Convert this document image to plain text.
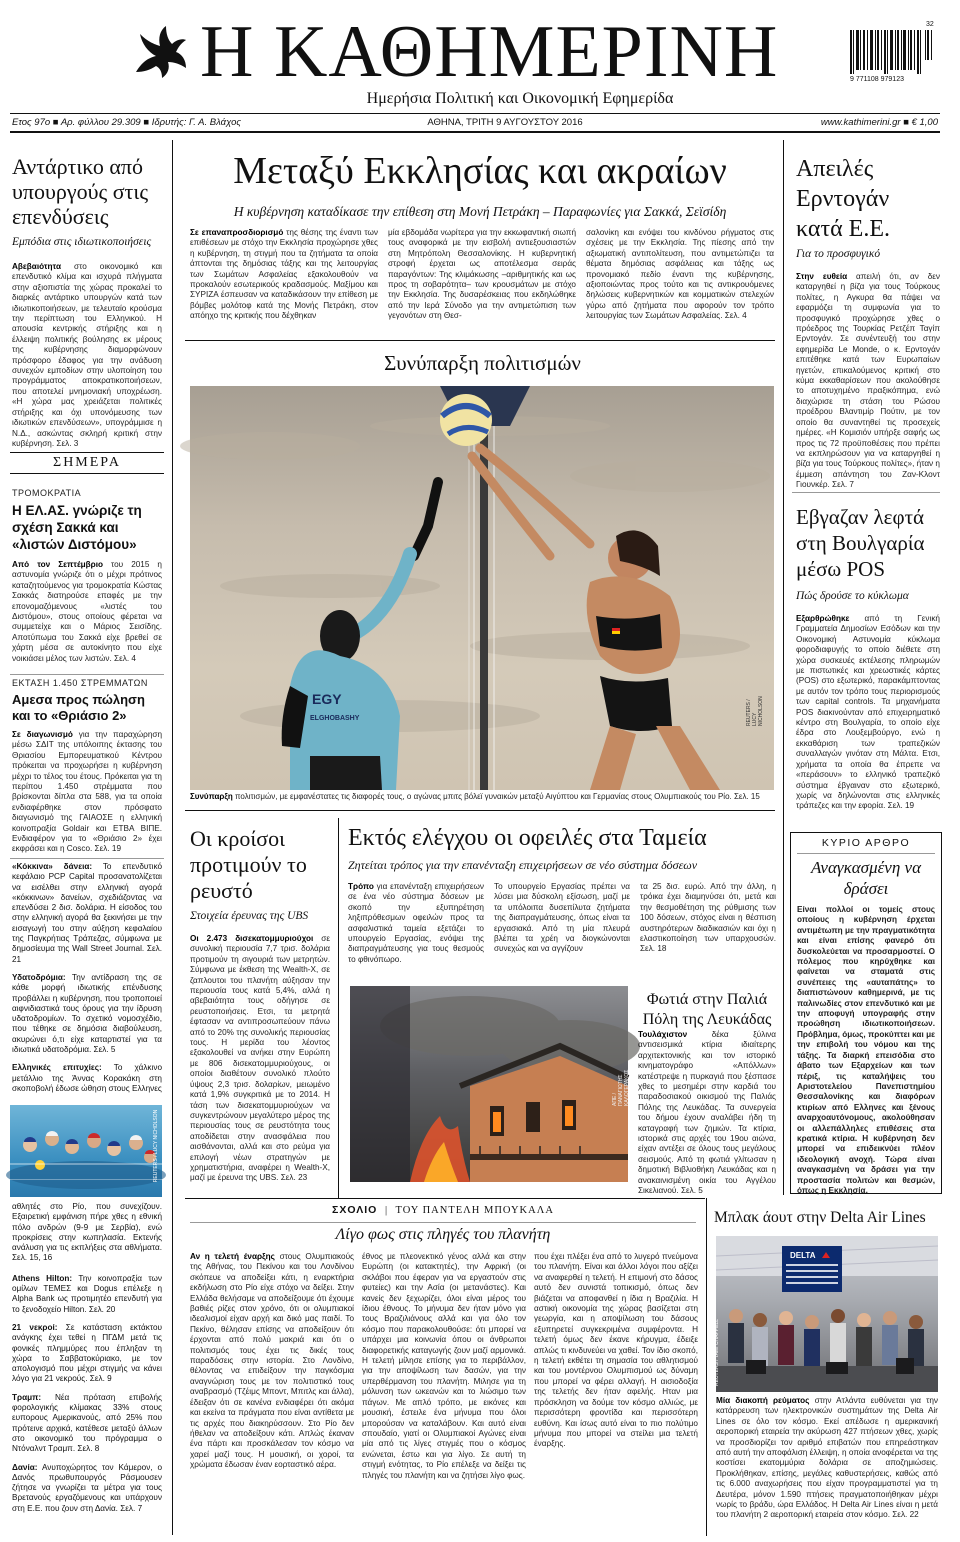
Η ΚΑΘΗΜΕΡΙΝΗ
Ημερήσια Πολιτική και Οικονομική Εφημερίδα
9 771108 979123
32
Ετος 97ο ■ Αρ. φύλλου 29.309 ■ Ιδρυτής: Γ. Α. Βλάχος	ΑΘΗΝΑ, ΤΡΙΤΗ 9 ΑΥΓΟΥΣΤΟΥ 2016	www.kathimerini.gr ■ € 1,00
Αντάρτικο από υπουργούς στις επενδύσεις
Εμπόδια στις ιδιωτικοποιήσεις
Αβεβαιότητα στο οικονομικό και επενδυτικό κλίμα και ισχυρά πλήγματα στην αξιοπιστία της χώρας προκαλεί το διαρκές αντάρτικο υπουργών κατά των ιδιωτικοποιήσεων, με τελευταίο κρούσμα την περίπτωση του Ελληνικού. Η απουσία κεντρικής στήριξης και η έλλειψη πολιτικής βούλησης εκ μέρους της κυβέρνησης διαμορφώνουν πρόσφορο έδαφος για την ανάδυση συνεχών εμποδίων στην υλοποίηση του προγράμματος αποκρατικοποιήσεων, που αποτελεί μνημονιακή υποχρέωση. «Η χώρα μας χρειάζεται πολιτικές στήριξης και όχι υπονόμευσης των ιδιωτικών επενδύσεων», υπογράμμισε η Ν.Δ., ασκώντας σκληρή κριτική στην κυβέρνηση. Σελ. 3
ΣΗΜΕΡΑ
ΤΡΟΜΟΚΡΑΤΙΑ
Η ΕΛ.ΑΣ. γνώριζε τη σχέση Σακκά και «λιστών Διστόμου»
Από τον Σεπτέμβριο του 2015 η αστυνομία γνώριζε ότι ο μέχρι πρότινος καταζητούμενος για τρομοκρατία Κώστας Σακκάς διατηρούσε επαφές με την επονομαζόμενους «λιστές του Διστόμου», στους οποίους φέρεται να συμμετείχε και ο Μάριος Σεισίδης. Αποτύπωμα του Σακκά είχε βρεθεί σε χάρτη μέσα σε αυτοκίνητο που είχε νοικιάσει μέλος των λιστών. Σελ. 4
ΕΚΤΑΣΗ 1.450 ΣΤΡΕΜΜΑΤΩΝ
Αμεσα προς πώληση και το «Θριάσιο 2»
Σε διαγωνισμό για την παραχώρηση μέσω ΣΔΙΤ της υπόλοιπης έκτασης του Θριασίου Εμπορευματικού Κέντρου πρόκειται να προχωρήσει η κυβέρνηση μέχρι το τέλος του έτους. Πρόκειται για τη περίπου 1.450 στρέμματα που βρίσκονται δίπλα στα 588, για τα οποία ενδιαφέρθηκε στον πρόσφατο διαγωνισμό της ΓΑΙΑΟΣΕ η ελληνική κοινοπραξία Goldair και ΕΤΒΑ ΒΙΠΕ. Ενδιαφέρον για το «Θριάσιο 2» έχει εκφράσει και η Cosco. Σελ. 19

«Κόκκινα» δάνεια: Το επενδυτικό κεφάλαιο PCP Capital προσανατολίζεται να εισέλθει στην ελληνική αγορά «κόκκινων» δανείων, σχεδιάζοντας να επενδύσει 2 δισ. δολάρια. Η είσοδος του στην ελληνική αγορά θα ξεκινήσει με την εισαγωγή του στην αύξηση κεφαλαίου της Παγκρήτιας Τράπεζας, σύμφωνα με δημοσίευμα της Wall Street Journal. Σελ. 21

Υδατοδρόμια: Την αντίδραση της σε κάθε μορφή ιδιωτικής επένδυσης προβάλλει η κυβέρνηση, που τροποποιεί αιφνιδιαστικά τους όρους για την ίδρυση υδατοδρομίων. Το σχετικό νομοσχέδιο, που τέθηκε σε δημόσια διαβούλευση, ακυρώνει ό,τι είχε καταρτιστεί για τα ιδιωτικά υδατοδρόμια. Σελ. 5

Ελληνικές επιτυχίες: Το χάλκινο μετάλλιο της Άννας Κορακάκη στη σκοποβολή έδωσε ώθηση στους Ελληνες

REUTERS / LUCY NICHOLSON

αθλητές στο Ρίο, που συνεχίζουν. Εξαιρετική εμφάνιση πήρε χθες η εθνική πόλο ανδρών (9-9 με Σερβία), ενώ προκρίσεις στην κωπηλασία. Εκτενής ανάλυση για τις εκπλήξεις στα αθλήματα. Σελ. 15, 16

Athens Hilton: Την κοινοπραξία των ομίλων ΤΕΜΕΣ και Dogus επέλεξε η Alpha Bank ως προτιμητέο επενδυτή για το ξενοδοχείο Hilton. Σελ. 20

21 νεκροί: Σε κατάσταση εκτάκτου ανάγκης έχει τεθεί η ΠΓΔΜ μετά τις φονικές πλημμύρες που έπληξαν τη χώρα το Σαββατοκύριακο, με τον απολογισμό που μέχρι στιγμής να κάνει λόγο για 21 νεκρούς. Σελ. 9

Τραμπ: Νέα πρόταση επιβολής φορολογικής κλίμακας 33% στους ευπορους Αμερικανούς, από 25% που πρότεινε αρχικά, κατέθεσε μεταξύ άλλων στο οικονομικό του πρόγραμμα ο Ντόναλντ Τραμπ. Σελ. 8

Δανία: Ανυποχώρητος τον Κάμερον, ο Δανός πρωθυπουργός Ράσμουσεν ζήτησε να γνωρίζει τα μέτρα για τους Βρετανούς εργαζόμενους και υπάρχουν στη Ε.Ε. που ζουν στη Δανία. Σελ. 7

Μεταξύ Εκκλησίας και ακραίων
Η κυβέρνηση καταδίκασε την επίθεση στη Μονή Πετράκη – Παραφωνίες για Σακκά, Σεϊσίδη
Σε επαναπροσδιορισμό της θέσης της έναντι των επιθέσεων με στόχο την Εκκλησία προχώρησε χθες η κυβέρνηση, τη στιγμή που τα ζητήματα τα οποία άπτονται της δημόσιας τάξης και της λειτουργίας των Σωμάτων Ασφαλείας εξακολουθούν να προκαλούν εσωτερικούς κραδασμούς. Μαξίμου και ΣΥΡΙΖΑ έσπευσαν να καταδικάσουν την επίθεση με βόμβες μολότοφ κατά της Μονής Πετράκη, στον απόηχο της κριτικής που δέχθηκαν
μία εβδομάδα νωρίτερα για την εκκωφαντική σιωπή τους αναφορικά με την εισβολή αντιεξουσιαστών στη Μητρόπολη Θεσσαλονίκης. Η κυβερνητική στροφή έρχεται ως αποτέλεσμα σειράς παραγόντων: Της κλιμάκωσης –αριθμητικής και ως προς τη σοβαρότητα– των κρουσμάτων με στόχο την Εκκλησία. Της δυσαρέσκειας που εκδηλώθηκε από την Ιερά Σύνοδο για την αντιμετώπιση των γεγονότων στη Θεσ-
σαλονίκη και ενόψει του κινδύνου ρήγματος στις σχέσεις με την Εκκλησία. Της πίεσης από την αξιωματική αντιπολίτευση, που αντιμετώπιζει τα θέματα δημόσιας ασφάλειας και τάξης ως προνομιακό πεδίο έναντι της κυβέρνησης, αξιοποιώντας προς τούτο και τις αντικρουόμενες δηλώσεις κυβερνητικών και κομματικών στελεχών γύρω από ζητήματα που αφορούν τον τρόπο λειτουργίας των Σωμάτων Ασφαλείας. Σελ. 4
Συνύπαρξη πολιτισμών
EGY
ELGHOBASHY	REUTERS / LUCY NICHOLSON
Συνύπαρξη πολιτισμών, με εμφανέστατες τις διαφορές τους, ο αγώνας μπιτς βόλεϊ γυναικών μεταξύ Αιγύπτου και Γερμανίας στους Ολυμπιακούς του Ρίο. Σελ. 15
Οι κροίσοι προτιμούν το ρευστό
Στοιχεία έρευνας της UBS
Οι 2.473 δισεκατομμυριούχοι σε συνολική περιουσία 7,7 τρισ. δολάρια προτιμούν τη σιγουριά των μετρητών. Σύμφωνα με έκθεση της Wealth-X, σε ζαπλουτοι του πλανήτη αύξησαν την περιουσία τους κατά 5,4%, αλλά η αβεβαιότητα τους οδήγησε σε ρευστοποιήσεις. Ετσι, τα μετρητά έφτασαν να αντιπροσωπεύουν πάνω από το 20% της συνολικής περιουσίας τους. Η μερίδα του λέοντος εξακολουθεί να ανήκει στην Ευρώπη με 806 δισεκατομμυριούχους, οι οποίοι διαθέτουν συνολικό πλούτο ύψους 2,3 τρισ. δολαρίων, μειωμένο κατά 1,9% συγκριτικά με το 2014. Η τάση των δισεκατομμυριούχων να συγκεντρώνουν μεγαλύτερο μέρος της περιουσίας τους σε ρευστότητα τους αποδίδεται στην ανασφάλεια που αισθάνονται, αλλά και στο ρεύμα για επιλογή νέων στρατηγών με χρηματιστήρια, αναφέρει η Wealth-X, μαζί με έρευνα της UBS. Σελ. 23
Εκτός ελέγχου οι οφειλές στα Ταμεία
Ζητείται τρόπος για την επανένταξη επιχειρήσεων σε νέο σύστημα δόσεων
Τρόπο για επανένταξη επιχειρήσεων σε ένα νέο σύστημα δόσεων με σκοπό την εξυπηρέτηση ληξιπρόθεσμων οφειλών προς τα ασφαλιστικά ταμεία εξετάζει το υπουργείο Εργασίας, ενόψει της διαπραγμάτευσης για τους θεσμούς το φθινόπωρο.
Το υπουργείο Εργασίας πρέπει να λύσει μια δύσκολη εξίσωση, μαζί με τα υπόλοιπα δυσεπίλυτα ζητήματα της διαπραγμάτευσης, όπως είναι τα εργασιακά. Από τη μία πλευρά βλέπει τα χρέη να διογκώνονται συνεχώς και να αγγίζουν
τα 25 δισ. ευρώ. Από την άλλη, η τρόικα έχει διαμηνύσει ότι, μετά και την θεσμοθέτηση της ρύθμισης των 100 δόσεων, στόχος είναι η θέσπιση αυστηρότερων διαδικασιών και όχι η ελαστικοποίηση των υπαρχουσών. Σελ. 18
ΑΠΕ / ΠΑΝΑΓΙΩΤΗΣ ΚΑΛΟΓΕΡΑΚΟΣ
Φωτιά στην Παλιά Πόλη της Λευκάδας
Τουλάχιστον δέκα ξύλινα αντισεισμικά κτίρια ιδιαίτερης αρχιτεκτονικής και τον ιστορικό κινηματογράφο «Απόλλων» κατέστρεψε η πυρκαγιά που ξέσπασε χθες το μεσημέρι στην καρδιά του παραδοσιακού οικισμού της Παλιάς Πόλης της Λευκάδας. Τα συνεργεία του δήμου έχουν αναλάβει ήδη τη καταγραφή των ζημιών. Τα κτίρια, ιστορικά στις αρχές του 19ου αιώνα, είχαν αντέξει σε όλους τους μεγάλους σεισμούς. Από τη φωτιά γλίτωσαν η δημοτική Βιβλιοθήκη Λευκάδας και η ανακαινισμένη οικία του Αγγέλου Σικελιανού. Σελ. 5
ΣΧΟΛΙΟ | ΤΟΥ ΠΑΝΤΕΛΗ ΜΠΟΥΚΑΛΑ
Λίγο φως στις πληγές του πλανήτη
Αν η τελετή έναρξης στους Ολυμπιακούς της Αθήνας, του Πεκίνου και του Λονδίνου σκόπευε να αποδείξει κάτι, η εναρκτήρια εκδήλωση στο Ρίο είχε στόχο να δείξει. Στην Ελλάδα θελήσαμε να αποδείξουμε ότι έχουμε βαθιές ρίζες στον χρόνο, ότι οι ολυμπιακοί ιδεαλισμοί είχαν αρχή και δικό μας παιδί. Το Πεκίνο, θέλησαν επίσης να αποδείξουν ότι έρχονται από πολύ μακριά και ότι ο πολιτισμός τους έχει τις δικές τους παραδόσεις στην ιστορία. Στο Λονδίνο, θέλοντας να επιδείξουν την παγκόσμια αναγνώριση τους με τον πολιτιστικό τους αναβρασμό (Τζέιμς Μποντ, Μπιτλς και άλλα), έδειξαν ότι σε κανένα ενδιαφέρει ότι ακόμα και εκείνα τα πράγματα που είναι αντίθετα με τις αρχές που διακηρύσσουν. Στο Ρίο δεν ήθελαν να αποδείξουν κάτι. Απλώς έκαναν ένα πάρτι και προσκάλεσαν τον κόσμο να χαρεί μαζί τους. Η μουσική, οι χοροί, τα χρώματα έδωσαν έναν εορταστικό αέρα.
έθνος με πλεονεκτικό γένος αλλά και στην Ευρώπη (οι κατακτητές), την Αφρική (οι σκλάβοι που έφεραν για να εργαστούν στις φυτείες) και την Ασία (οι μετανάστες). Και κανείς δεν ξεχωρίζει, όλοι είναι μέρος του ίδιου έθνους. Το μήνυμα δεν ήταν μόνο για τους Βραζιλιάνους αλλά και για όλο τον κόσμο που παρακολουθούσε: ότι μπορεί να υπάρχει μια κοινωνία όπου οι άνθρωποι διαφορετικής καταγωγής ζουν μαζί αρμονικά. Η τελετή μίλησε επίσης για το περιβάλλον, για την αποψίλωση των δασών, για την υπερθέρμανση του πλανήτη. Μιλησε για τη μόλυνση των ωκεανών και το λιώσιμο των πάγων. Με απλό τρόπο, με εικόνες και μουσική, έστειλε ένα μήνυμα που όλοι μπορούσαν να καταλάβουν. Και αυτό είναι σπουδαίο, γιατί οι Ολυμπιακοί Αγώνες είναι μία από τις λίγες στιγμές που ο κόσμος ενώνεται, έστω και για λίγο. Σε αυτή τη στιγμή ενότητας, το Ρίο επέλεξε να δείξει τις πληγές του πλανήτη και να ζητήσει λίγο φως.
που έχει πλέξει ένα από το λυγερό πνεύμονα του πλανήτη. Είναι και άλλοι λόγοι που αξίζει να αναφερθεί η τελετή. Η επιμονή στο δάσος αυτό δεν συνιστά τοπικισμό, όπως δεν βιάζεται να αποφανθεί η ίδια η Βραζιλία. Η αστική οικονομία της χώρας βασίζεται στη γεωργία, και η αποψίλωση του δάσους εξυπηρετεί συγκεκριμένα συμφέροντα. Η τελετή όμως δεν έκανε κήρυγμα, έδειξε απλώς τι κινδυνεύει να χαθεί. Τον ίδιο σκοπό, η τελετή εκθέτει τη σημασία του αθλητισμού και του μοντέρνου Ολυμπισμού ως δύναμη που μπορεί να φέρει αλλαγή. Η αισιοδοξία της τελετής δεν ήταν αφελής. Ηταν μια πρόσκληση να δούμε τον κόσμο αλλιώς, με περισσότερη φροντίδα και περισσότερη ευθύνη. Και ίσως αυτό είναι το πιο πολύτιμο μήνυμα που μπορεί να στείλει μια τελετή έναρξης.
Απειλές Ερντογάν κατά Ε.Ε.
Για το προσφυγικό
Στην ευθεία απειλή ότι, αν δεν καταργηθεί η βίζα για τους Τούρκους πολίτες, η Αγκυρα θα πάψει να εφαρμόζει τη συμφωνία για το προσφυγικό προχώρησε χθες ο πρόεδρος της Τουρκίας Ρετζέπ Ταγίπ Ερντογάν. Σε συνέντευξή του στην εφημερίδα Le Monde, ο κ. Ερντογάν επιτέθηκε κατά των Ευρωπαίων ηγετών, επικαλούμενος κριτική στο κύμα εκκαθαρίσεων που ακολούθησε το αποτυχημένο πραξικόπημα, ενώ διαχώρισε τη στάση του Ρώσου προέδρου Βλαντιμίρ Πούτιν, με τον οποίο θα συναντηθεί τις προσεχείς ημέρες. «Η Κομισιόν υπήρξε σαφής ως προς τις 72 προϋποθέσεις που πρέπει να εκπληρώσουν για να καταργηθεί η βίζα για τους Τούρκους πολίτες», ήταν η έμμεση απάντηση του Ζαν-Κλοντ Γιουνκέρ. Σελ. 7
Εβγαζαν λεφτά στη Βουλγαρία μέσω POS
Πώς δρούσε το κύκλωμα
Εξαρθρώθηκε από τη Γενική Γραμματεία Δημοσίων Εσόδων και την Οικονομική Αστυνομία κύκλωμα φοροδιαφυγής το οποίο διέθετε στη χώρα συσκευές εκτέλεσης πληρωμών με πιστωτικές και χρεωστικές κάρτες (POS) στο εξωτερικό, παρακάμπτοντας με αυτόν τον τρόπο τους περιορισμούς των capital controls. Τα μηχανήματα POS διακινούνταν από επιχειρηματικό κέντρο στη Βουλγαρία, το οποίο είχε έδρα στο Λουξεμβούργο, ενώ η εκκαθάριση των τραπεζικών συναλλαγών γινόταν στη Μάλτα. Ετσι, χρήματα τα οποία θα έπρεπε να «περάσουν» το ελληνικό τραπεζικό σύστημα έβγαιναν στο εξωτερικό, χωρίς να δηλώνονται στις ελληνικές τράπεζες και την εφορία. Σελ. 19
ΚΥΡΙΟ ΑΡΘΡΟ
Αναγκασμένη να δράσει
Είναι πολλοί οι τομείς στους οποίους η κυβέρνηση έρχεται αντιμέτωπη με την πραγματικότητα και είναι επίσης φανερό ότι δυσκολεύεται να προσαρμοστεί. Ο πόλεμος που κηρύχθηκε και φαίνεται να σταματά στις συνέπειες της «αυταπάτης» το διαπιστώνουν καθημερινά, με τις παλινωδίες στον επενδυτικό και με την αποφυγή υπογραφής στην προώθηση ιδιωτικοποιήσεων. Πρόβλημα, όμως, προκύπτει και με την επιβολή του νόμου και της τάξης. Τα διαρκή επεισόδια στο άβατο των Εξαρχείων και των πέριξ, τις καταλήψεις του Αριστοτελείου Πανεπιστημίου Θεσσαλονίκης και διαφόρων κτιρίων από Ελληνες και ξένους αναρχοαυτόνομους, ακολούθησαν οι αλλεπάλληλες επιθέσεις στα κρατικά κτίρια. Η κυβέρνηση δεν μπορεί να επιδεικνύει πλέον ιδεολογική ανοχή. Τώρα είναι αναγκασμένη να δράσει για την προστασία πολιτών και θεσμών, όπως η Εκκλησία.
Μπλακ άουτ στην Delta Air Lines
DELTA
REUTERS / TAMI CHAPPELL
Μία διακοπή ρεύματος στην Ατλάντα ευθύνεται για την κατάρρευση των ηλεκτρονικών συστημάτων της Delta Air Lines σε όλο τον κόσμο. Εκεί απέδωσε η αμερικανική αεροπορική εταιρεία την ακύρωση 427 πτήσεων χθες, χωρίς να προσδιορίζει τον αριθμό επιβατών που επηρεάστηκαν από αυτή την αποφάλιση έλλειψη, η οποία ανοφέρεται να της κοστίσει εκατομμύρια δολάρια σε αποζημιώσεις. Προκλήθηκαν, επίσης, μεγάλες καθυστερήσεις, καθώς από τις 6.000 αναχωρήσεις που είχαν προγραμματιστεί για τη Δευτέρα, μόνον 1.590 πτήσεις πραγματοποιήθηκαν μέχρι νωρίς το βράδυ, ώρα Ελλάδος. Η Delta Air Lines είναι η μετά του πλανήτη 2 αεροπορική εταιρεία στον κόσμο. Σελ. 22
